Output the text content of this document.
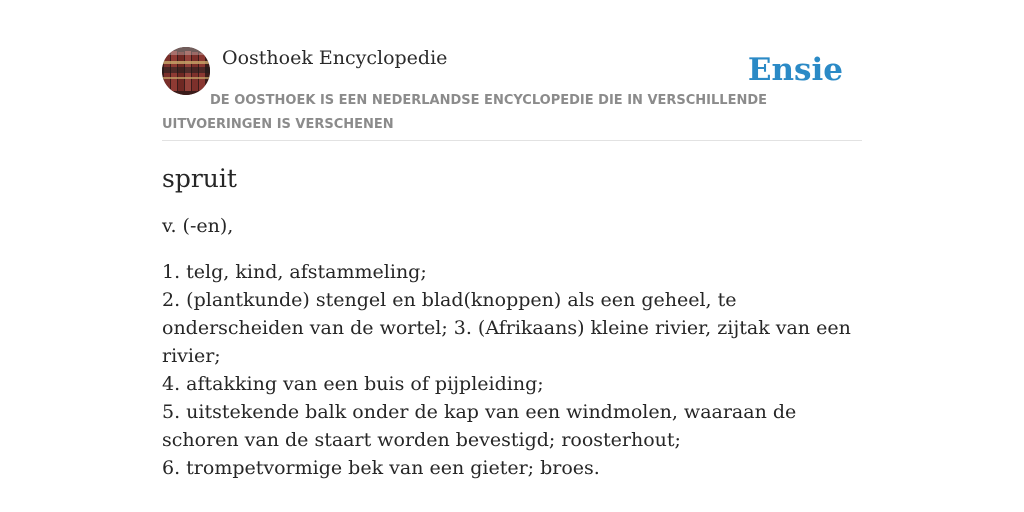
Oosthoek Encyclopedie	Ensie
DE OOSTHOEK IS EEN NEDERLANDSE ENCYCLOPEDIE DIE IN VERSCHILLENDE UITVOERINGEN IS VERSCHENEN
spruit

v. (-en),

1. telg, kind, afstammeling;
2. (plantkunde) stengel en blad(knoppen) als een geheel, te onderscheiden van de wortel; 3. (Afrikaans) kleine rivier, zijtak van een rivier;
4. aftakking van een buis of pijpleiding;
5. uitstekende balk onder de kap van een windmolen, waaraan de schoren van de staart worden bevestigd; roosterhout;
6. trompetvormige bek van een gieter; broes.
